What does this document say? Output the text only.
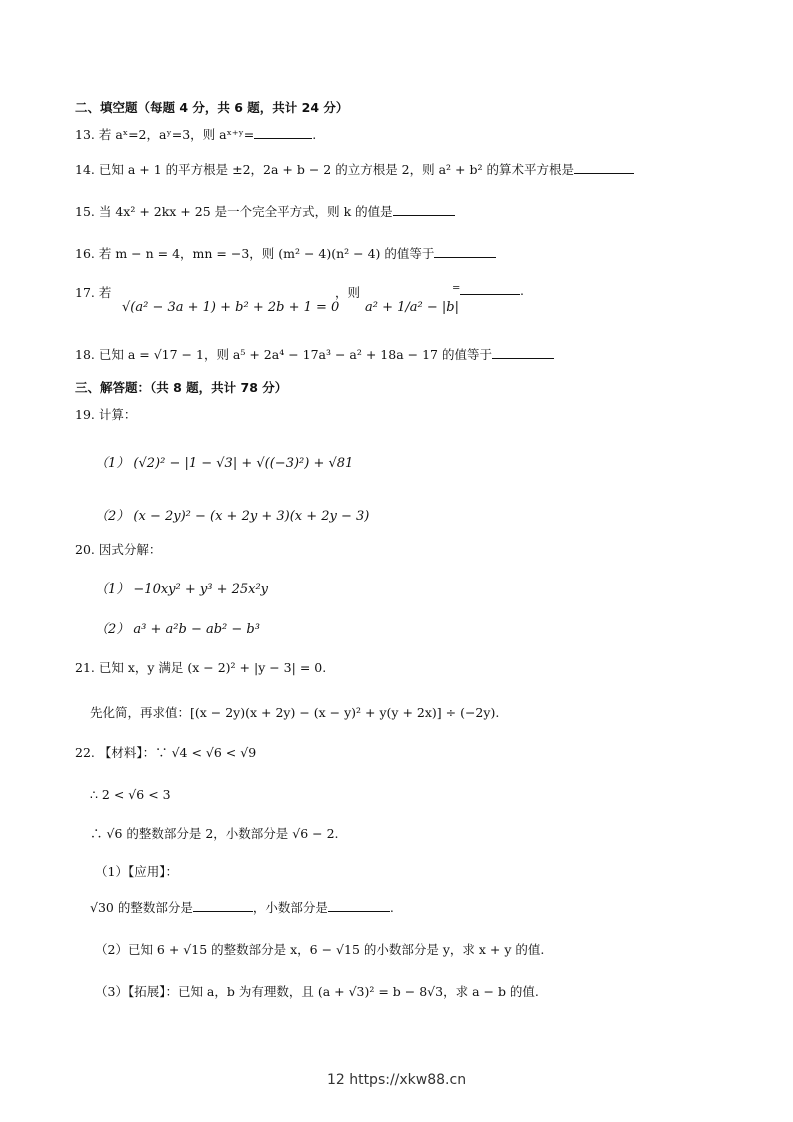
二、填空题（每题 4 分，共 6 题，共计 24 分）
13. 若 aˣ=2，aʸ=3，则 aˣ⁺ʸ=	.
14. 已知 a + 1 的平方根是 ±2，2a + b − 2 的立方根是 2，则 a² + b² 的算术平方根是
15. 当 4x² + 2kx + 25 是一个完全平方式，则 k 的值是
16. 若 m − n = 4，mn = −3，则 (m² − 4)(n² − 4) 的值等于
17. 若
√(a² − 3a + 1) + b² + 2b + 1 = 0
，则
a² + 1/a² − |b|
=	.
18. 已知 a = √17 − 1，则 a⁵ + 2a⁴ − 17a³ − a² + 18a − 17 的值等于
三、解答题：（共 8 题，共计 78 分）
19. 计算：
（1） (√2)² − |1 − √3| + √((−3)²) + √81
（2） (x − 2y)² − (x + 2y + 3)(x + 2y − 3)
20. 因式分解：
（1） −10xy² + y³ + 25x²y
（2） a³ + a²b − ab² − b³
21. 已知 x，y 满足 (x − 2)² + |y − 3| = 0.
先化简，再求值：[(x − 2y)(x + 2y) − (x − y)² + y(y + 2x)] ÷ (−2y).
22. 【材料】：∵ √4 < √6 < √9
∴ 2 < √6 < 3
∴ √6 的整数部分是 2，小数部分是 √6 − 2.
（1）【应用】：
√30 的整数部分是	，小数部分是	.
（2）已知 6 + √15 的整数部分是 x，6 − √15 的小数部分是 y，求 x + y 的值.
（3）【拓展】：已知 a，b 为有理数，且 (a + √3)² = b − 8√3，求 a − b 的值.
12 https://xkw88.cn
